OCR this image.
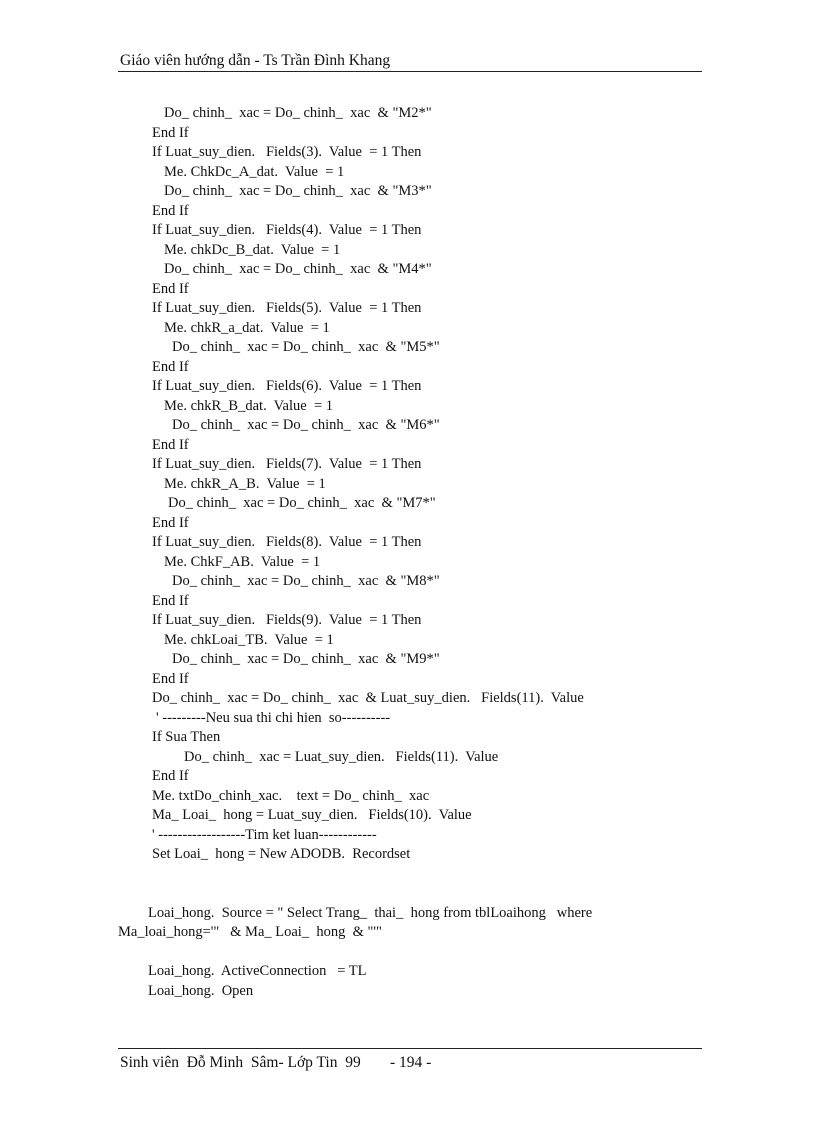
Giáo viên hướng dẫn - Ts Trần Đình Khang
Do_ chinh_  xac = Do_ chinh_  xac  & "M2*"
End If
If Luat_suy_dien.   Fields(3).  Value  = 1 Then
Me. ChkDc_A_dat.  Value  = 1
Do_ chinh_  xac = Do_ chinh_  xac  & "M3*"
End If
If Luat_suy_dien.   Fields(4).  Value  = 1 Then
Me. chkDc_B_dat.  Value  = 1
Do_ chinh_  xac = Do_ chinh_  xac  & "M4*"
End If
If Luat_suy_dien.   Fields(5).  Value  = 1 Then
Me. chkR_a_dat.  Value  = 1
Do_ chinh_  xac = Do_ chinh_  xac  & "M5*"
End If
If Luat_suy_dien.   Fields(6).  Value  = 1 Then
Me. chkR_B_dat.  Value  = 1
Do_ chinh_  xac = Do_ chinh_  xac  & "M6*"
End If
If Luat_suy_dien.   Fields(7).  Value  = 1 Then
Me. chkR_A_B.  Value  = 1
Do_ chinh_  xac = Do_ chinh_  xac  & "M7*"
End If
If Luat_suy_dien.   Fields(8).  Value  = 1 Then
Me. ChkF_AB.  Value  = 1
Do_ chinh_  xac = Do_ chinh_  xac  & "M8*"
End If
If Luat_suy_dien.   Fields(9).  Value  = 1 Then
Me. chkLoai_TB.  Value  = 1
Do_ chinh_  xac = Do_ chinh_  xac  & "M9*"
End If
Do_ chinh_  xac = Do_ chinh_  xac  & Luat_suy_dien.   Fields(11).  Value
' ---------Neu sua thi chi hien  so----------
If Sua Then
Do_ chinh_  xac = Luat_suy_dien.   Fields(11).  Value
End If
Me. txtDo_chinh_xac.    text = Do_ chinh_  xac
Ma_ Loai_  hong = Luat_suy_dien.   Fields(10).  Value
' ------------------Tim ket luan------------
Set Loai_  hong = New ADODB.  Recordset
Loai_hong.  Source = " Select Trang_  thai_  hong from tblLoaihong   where
Ma_loai_hong='"   & Ma_ Loai_  hong  & "'"
Loai_hong.  ActiveConnection   = TL
Loai_hong.  Open
Sinh viên  Đỗ Minh  Sâm- Lớp Tin  99 - 194 -
